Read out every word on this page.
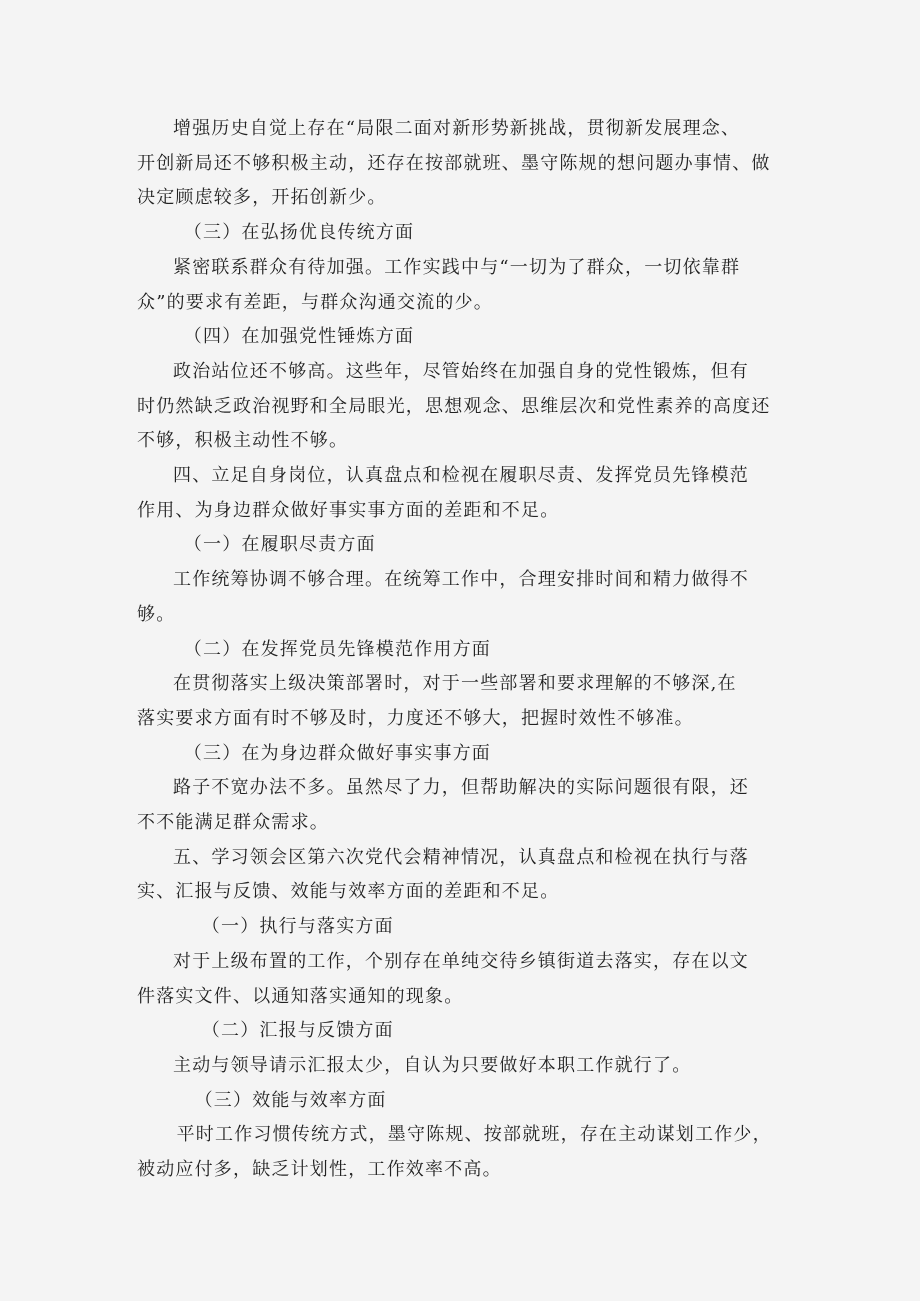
增强历史自觉上存在“局限二面对新形势新挑战，贯彻新发展理念、
开创新局还不够积极主动，还存在按部就班、墨守陈规的想问题办事情、做
决定顾虑较多，开拓创新少。

（三）在弘扬优良传统方面

紧密联系群众有待加强。工作实践中与“一切为了群众，一切依靠群
众”的要求有差距，与群众沟通交流的少。

（四）在加强党性锤炼方面

政治站位还不够高。这些年，尽管始终在加强自身的党性锻炼，但有
时仍然缺乏政治视野和全局眼光，思想观念、思维层次和党性素养的高度还
不够，积极主动性不够。

四、立足自身岗位，认真盘点和检视在履职尽责、发挥党员先锋模范
作用、为身边群众做好事实事方面的差距和不足。

（一）在履职尽责方面

工作统筹协调不够合理。在统筹工作中，合理安排时间和精力做得不
够。

（二）在发挥党员先锋模范作用方面

在贯彻落实上级决策部署时，对于一些部署和要求理解的不够深,在
落实要求方面有时不够及时，力度还不够大，把握时效性不够准。

（三）在为身边群众做好事实事方面

路子不宽办法不多。虽然尽了力，但帮助解决的实际问题很有限，还
不不能满足群众需求。

五、学习领会区第六次党代会精神情况，认真盘点和检视在执行与落
实、汇报与反馈、效能与效率方面的差距和不足。

（一）执行与落实方面

对于上级布置的工作，个别存在单纯交待乡镇街道去落实，存在以文
件落实文件、以通知落实通知的现象。

（二）汇报与反馈方面

主动与领导请示汇报太少，自认为只要做好本职工作就行了。

（三）效能与效率方面

平时工作习惯传统方式，墨守陈规、按部就班，存在主动谋划工作少，
被动应付多，缺乏计划性，工作效率不高。
